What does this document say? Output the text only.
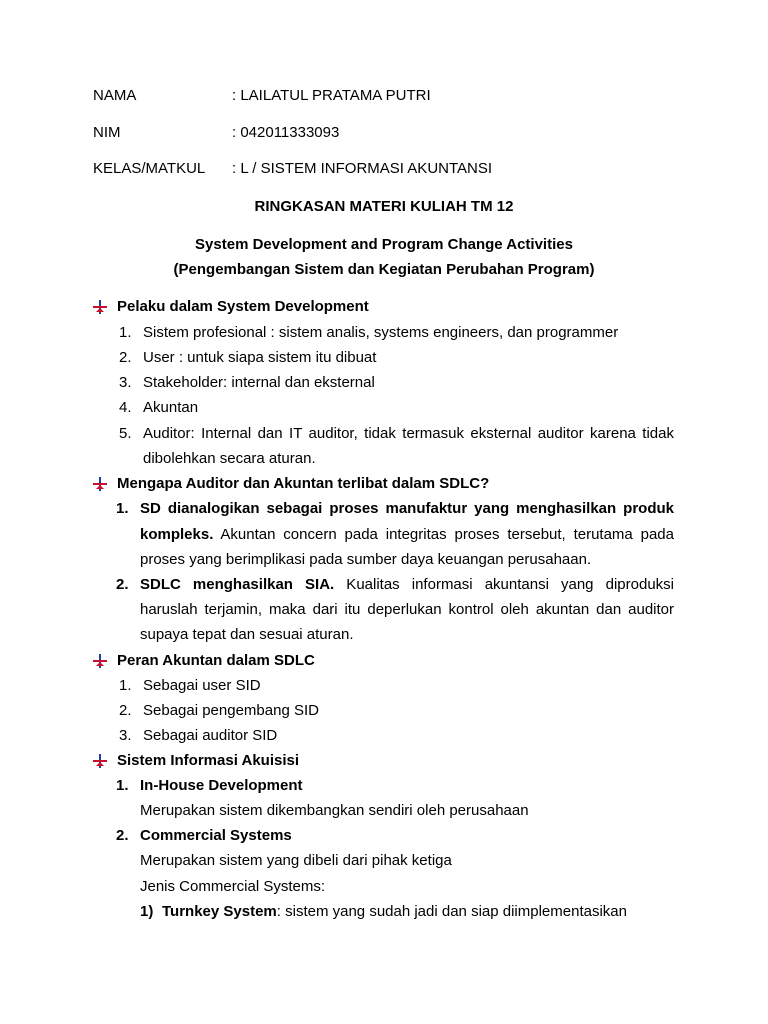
NAMA	: LAILATUL PRATAMA PUTRI
NIM	: 042011333093
KELAS/MATKUL : L / SISTEM INFORMASI AKUNTANSI
RINGKASAN MATERI KULIAH TM 12
System Development and Program Change Activities
(Pengembangan Sistem dan Kegiatan Perubahan Program)
Pelaku dalam System Development
1. Sistem profesional : sistem analis, systems engineers, dan programmer
2. User : untuk siapa sistem itu dibuat
3. Stakeholder: internal dan eksternal
4. Akuntan
5. Auditor: Internal dan IT auditor, tidak termasuk eksternal auditor karena tidak
dibolehkan secara aturan.
Mengapa Auditor dan Akuntan terlibat dalam SDLC?
1. SD dianalogikan sebagai proses manufaktur yang menghasilkan produk
kompleks. Akuntan concern pada integritas proses tersebut, terutama pada
proses yang berimplikasi pada sumber daya keuangan perusahaan.
2. SDLC menghasilkan SIA. Kualitas informasi akuntansi yang diproduksi
haruslah terjamin, maka dari itu deperlukan kontrol oleh akuntan dan auditor
supaya tepat dan sesuai aturan.
Peran Akuntan dalam SDLC
1. Sebagai user SID
2. Sebagai pengembang SID
3. Sebagai auditor SID
Sistem Informasi Akuisisi
1. In-House Development
Merupakan sistem dikembangkan sendiri oleh perusahaan
2. Commercial Systems
Merupakan sistem yang dibeli dari pihak ketiga
Jenis Commercial Systems:
1) Turnkey System: sistem yang sudah jadi dan siap diimplementasikan
